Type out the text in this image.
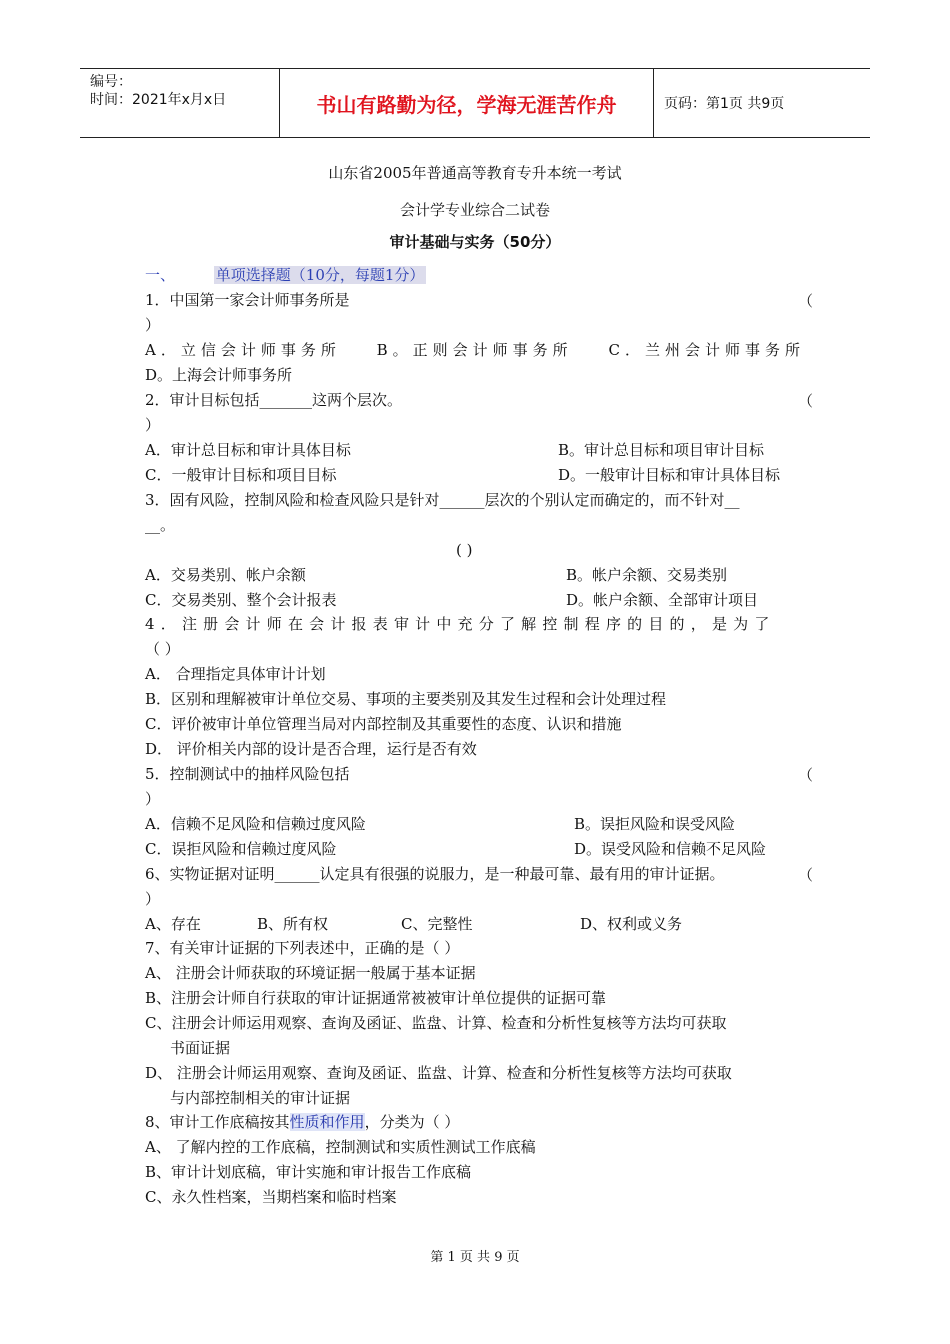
编号：
时间：2021年x月x日	书山有路勤为径，学海无涯苦作舟	页码：第1页 共9页
山东省2005年普通高等教育专升本统一考试
会计学专业综合二试卷
审计基础与实务（50分）
一、	单项选择题（10分，每题1分）
1．中国第一家会计师事务所是	（
）
A．立信会计师事务所 B。正则会计师事务所 C．兰州会计师事务所
D。上海会计师事务所
2．审计目标包括_______这两个层次。	（
）
A．审计总目标和审计具体目标	B。审计总目标和项目审计目标
C．一般审计目标和项目目标	D。一般审计目标和审计具体目标
3．固有风险，控制风险和检查风险只是针对______层次的个别认定而确定的，而不针对__
__。
( )
A．交易类别、帐户余额	B。帐户余额、交易类别
C．交易类别、整个会计报表	D。帐户余额、全部审计项目
4．注册会计师在会计报表审计中充分了解控制程序的目的，是为了
（ ）
A． 合理指定具体审计计划
B．区别和理解被审计单位交易、事项的主要类别及其发生过程和会计处理过程
C．评价被审计单位管理当局对内部控制及其重要性的态度、认识和措施
D． 评价相关内部的设计是否合理，运行是否有效
5．控制测试中的抽样风险包括	（
）
A．信赖不足风险和信赖过度风险	B。误拒风险和误受风险
C．误拒风险和信赖过度风险	D。误受风险和信赖不足风险
6、实物证据对证明______认定具有很强的说服力，是一种最可靠、最有用的审计证据。	（
）
A、存在	B、所有权	C、完整性	D、权利或义务
7、有关审计证据的下列表述中，正确的是（ ）
A、 注册会计师获取的环境证据一般属于基本证据
B、注册会计师自行获取的审计证据通常被被审计单位提供的证据可靠
C、注册会计师运用观察、查询及函证、监盘、计算、检查和分析性复核等方法均可获取
书面证据
D、 注册会计师运用观察、查询及函证、监盘、计算、检查和分析性复核等方法均可获取
与内部控制相关的审计证据
8、审计工作底稿按其性质和作用，分类为（ ）
A、 了解内控的工作底稿，控制测试和实质性测试工作底稿
B、审计计划底稿，审计实施和审计报告工作底稿
C、永久性档案，当期档案和临时档案
第 1 页 共 9 页
